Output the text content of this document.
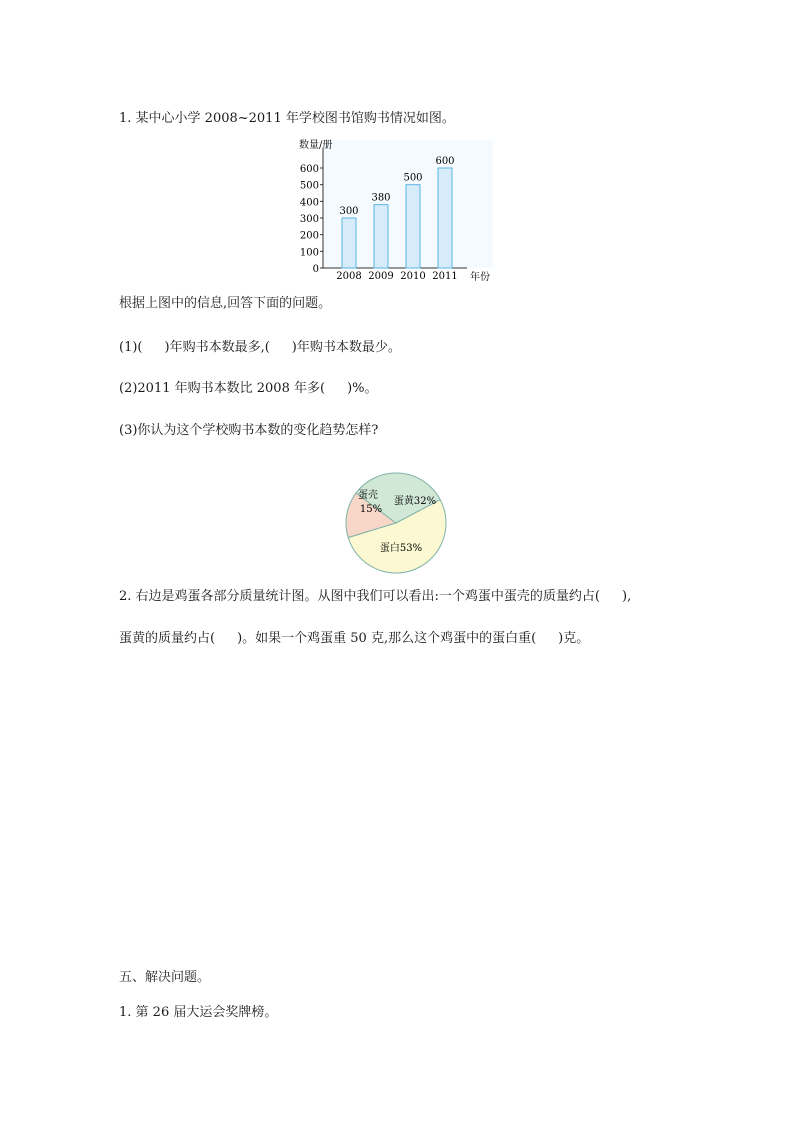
1. 某中心小学 2008~2011 年学校图书馆购书情况如图。
数量/册
年份
0
100
200
300
400
500
600
300
2008
380
2009
500
2010
600
2011
根据上图中的信息,回答下面的问题。
(1)( )年购书本数最多,( )年购书本数最少。
(2)2011 年购书本数比 2008 年多( )%。
(3)你认为这个学校购书本数的变化趋势怎样?
蛋壳
15%
蛋黄32%
蛋白53%
2. 右边是鸡蛋各部分质量统计图。从图中我们可以看出:一个鸡蛋中蛋壳的质量约占( ),
蛋黄的质量约占( )。如果一个鸡蛋重 50 克,那么这个鸡蛋中的蛋白重( )克。
五、解决问题。
1. 第 26 届大运会奖牌榜。
